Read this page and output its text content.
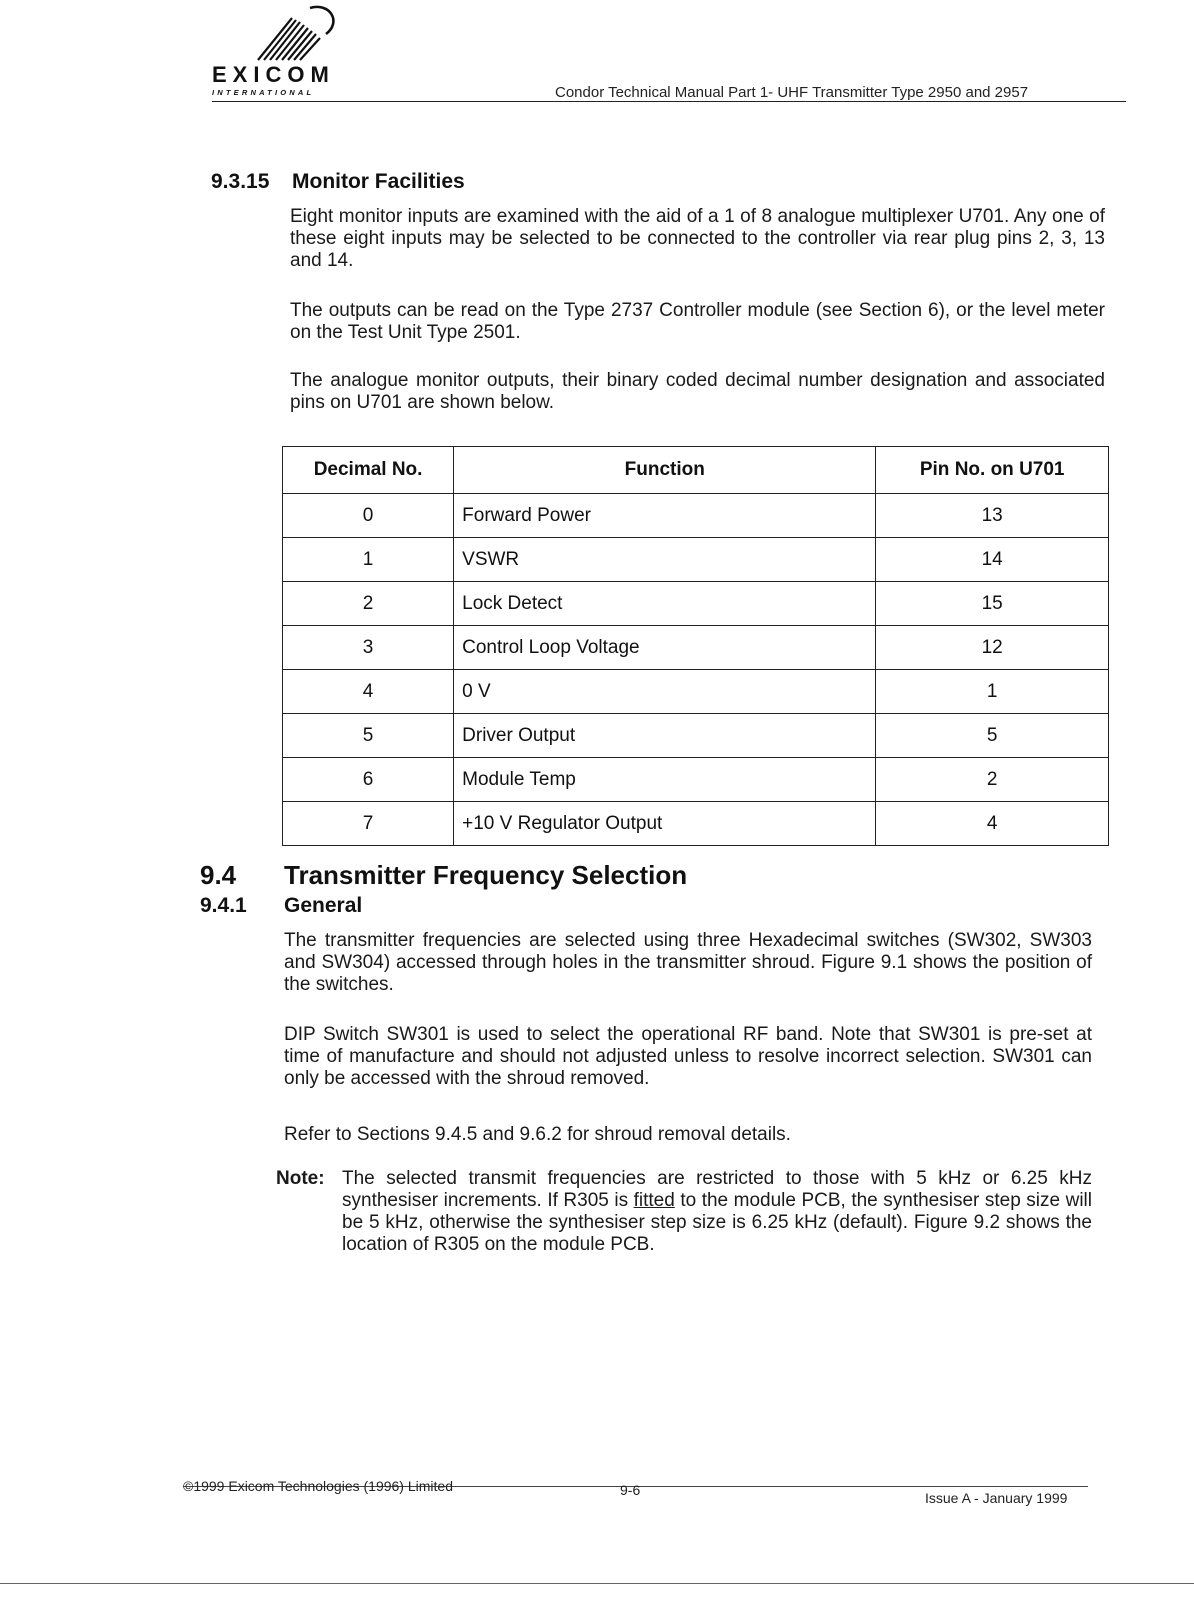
EXICOM
INTERNATIONAL	Condor Technical Manual Part 1- UHF Transmitter Type 2950 and 2957
9.3.15 Monitor Facilities
Eight monitor inputs are examined with the aid of a 1 of 8 analogue multiplexer U701. Any one of these eight inputs may be selected to be connected to the controller via rear plug pins 2, 3, 13 and 14.
The outputs can be read on the Type 2737 Controller module (see Section 6), or the level meter on the Test Unit Type 2501.
The analogue monitor outputs, their binary coded decimal number designation and associated pins on U701 are shown below.
Decimal No.	Function	Pin No. on U701
0	Forward Power	13
1	VSWR	14
2	Lock Detect	15
3	Control Loop Voltage	12
4	0 V	1
5	Driver Output	5
6	Module Temp	2
7	+10 V Regulator Output	4
9.4 Transmitter Frequency Selection
9.4.1 General
The transmitter frequencies are selected using three Hexadecimal switches (SW302, SW303 and SW304) accessed through holes in the transmitter shroud. Figure 9.1 shows the position of the switches.
DIP Switch SW301 is used to select the operational RF band. Note that SW301 is pre-set at time of manufacture and should not adjusted unless to resolve incorrect selection. SW301 can only be accessed with the shroud removed.
Refer to Sections 9.4.5 and 9.6.2 for shroud removal details.
Note: The selected transmit frequencies are restricted to those with 5 kHz or 6.25 kHz synthesiser increments. If R305 is fitted to the module PCB, the synthesiser step size will be 5 kHz, otherwise the synthesiser step size is 6.25 kHz (default). Figure 9.2 shows the location of R305 on the module PCB.
©1999 Exicom Technologies (1996) Limited	9-6	Issue A - January 1999
